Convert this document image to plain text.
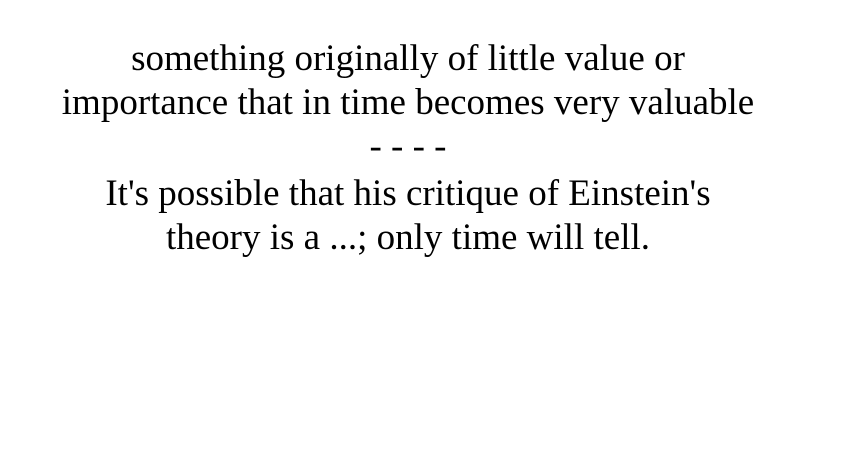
something originally of little value or
importance that in time becomes very valuable
- - - -
It's possible that his critique of Einstein's
theory is a ...; only time will tell.
